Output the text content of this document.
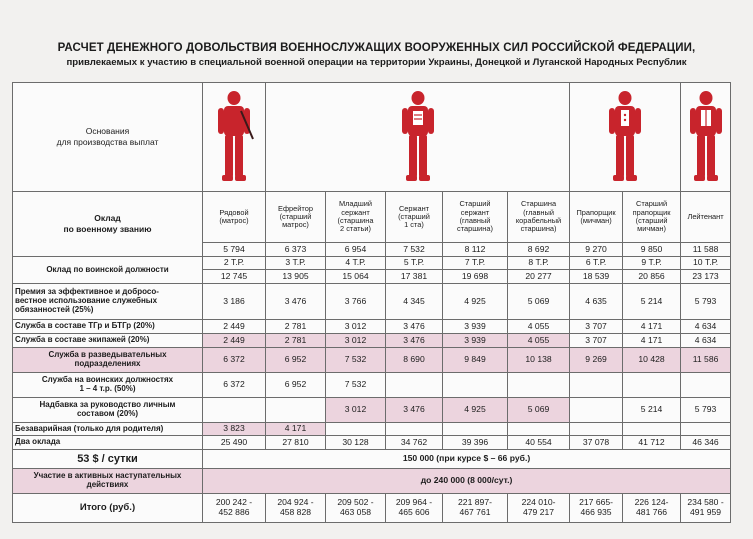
РАСЧЕТ ДЕНЕЖНОГО ДОВОЛЬСТВИЯ ВОЕННОСЛУЖАЩИХ ВООРУЖЕННЫХ СИЛ РОССИЙСКОЙ ФЕДЕРАЦИИ,
привлекаемых к участию в специальной военной операции на территории Украины, Донецкой и Луганской Народных Республик
Основания
для производства выплат	

Оклад
по военному званию	Рядовой
(матрос)	Ефрейтор
(старший
матрос)	Младший
сержант
(старшина
2 статьи)	Сержант
(старший
1 ста)	Старший
сержант
(главный
старшина)	Старшина
(главный
корабельный
старшина)	Прапорщик
(мичман)	Старший
прапорщик
(старший
мичман)	Лейтенант
	5 794	6 373	6 954	7 532	8 112	8 692	9 270	9 850	11 588
Оклад по воинской должности	2 Т.Р.	3 Т.Р.	4 Т.Р.	5 Т.Р.	7 Т.Р.	8 Т.Р.	6 Т.Р.	9 Т.Р.	10 Т.Р.
	12 745	13 905	15 064	17 381	19 698	20 277	18 539	20 856	23 173
Премия за эффективное и добросо-
вестное использование служебных
обязанностей (25%)	3 186	3 476	3 766	4 345	4 925	5 069	4 635	5 214	5 793
Служба в составе ТГр и БТГр (20%)	2 449	2 781	3 012	3 476	3 939	4 055	3 707	4 171	4 634
Служба в составе экипажей (20%)	2 449	2 781	3 012	3 476	3 939	4 055	3 707	4 171	4 634
Служба в разведывательных
подразделениях	6 372	6 952	7 532	8 690	9 849	10 138	9 269	10 428	11 586
Служба на воинских должностях
1 – 4 т.р. (50%)	6 372	6 952	7 532						
Надбавка за руководство личным
составом (20%)			3 012	3 476	4 925	5 069		5 214	5 793
Безаварийная (только для родителя)	3 823	4 171							
Два оклада	25 490	27 810	30 128	34 762	39 396	40 554	37 078	41 712	46 346
53 $ / сутки	150 000 (при курсе $ – 66 руб.)								
Участие в активных наступательных
действиях	до 240 000 (8 000/сут.)								
Итого (руб.)	200 242 -
452 886	204 924 -
458 828	209 502 -
463 058	209 964 -
465 606	221 897-
467 761	224 010-
479 217	217 665-
466 935	226 124-
481 766	234 580 -
491 959
